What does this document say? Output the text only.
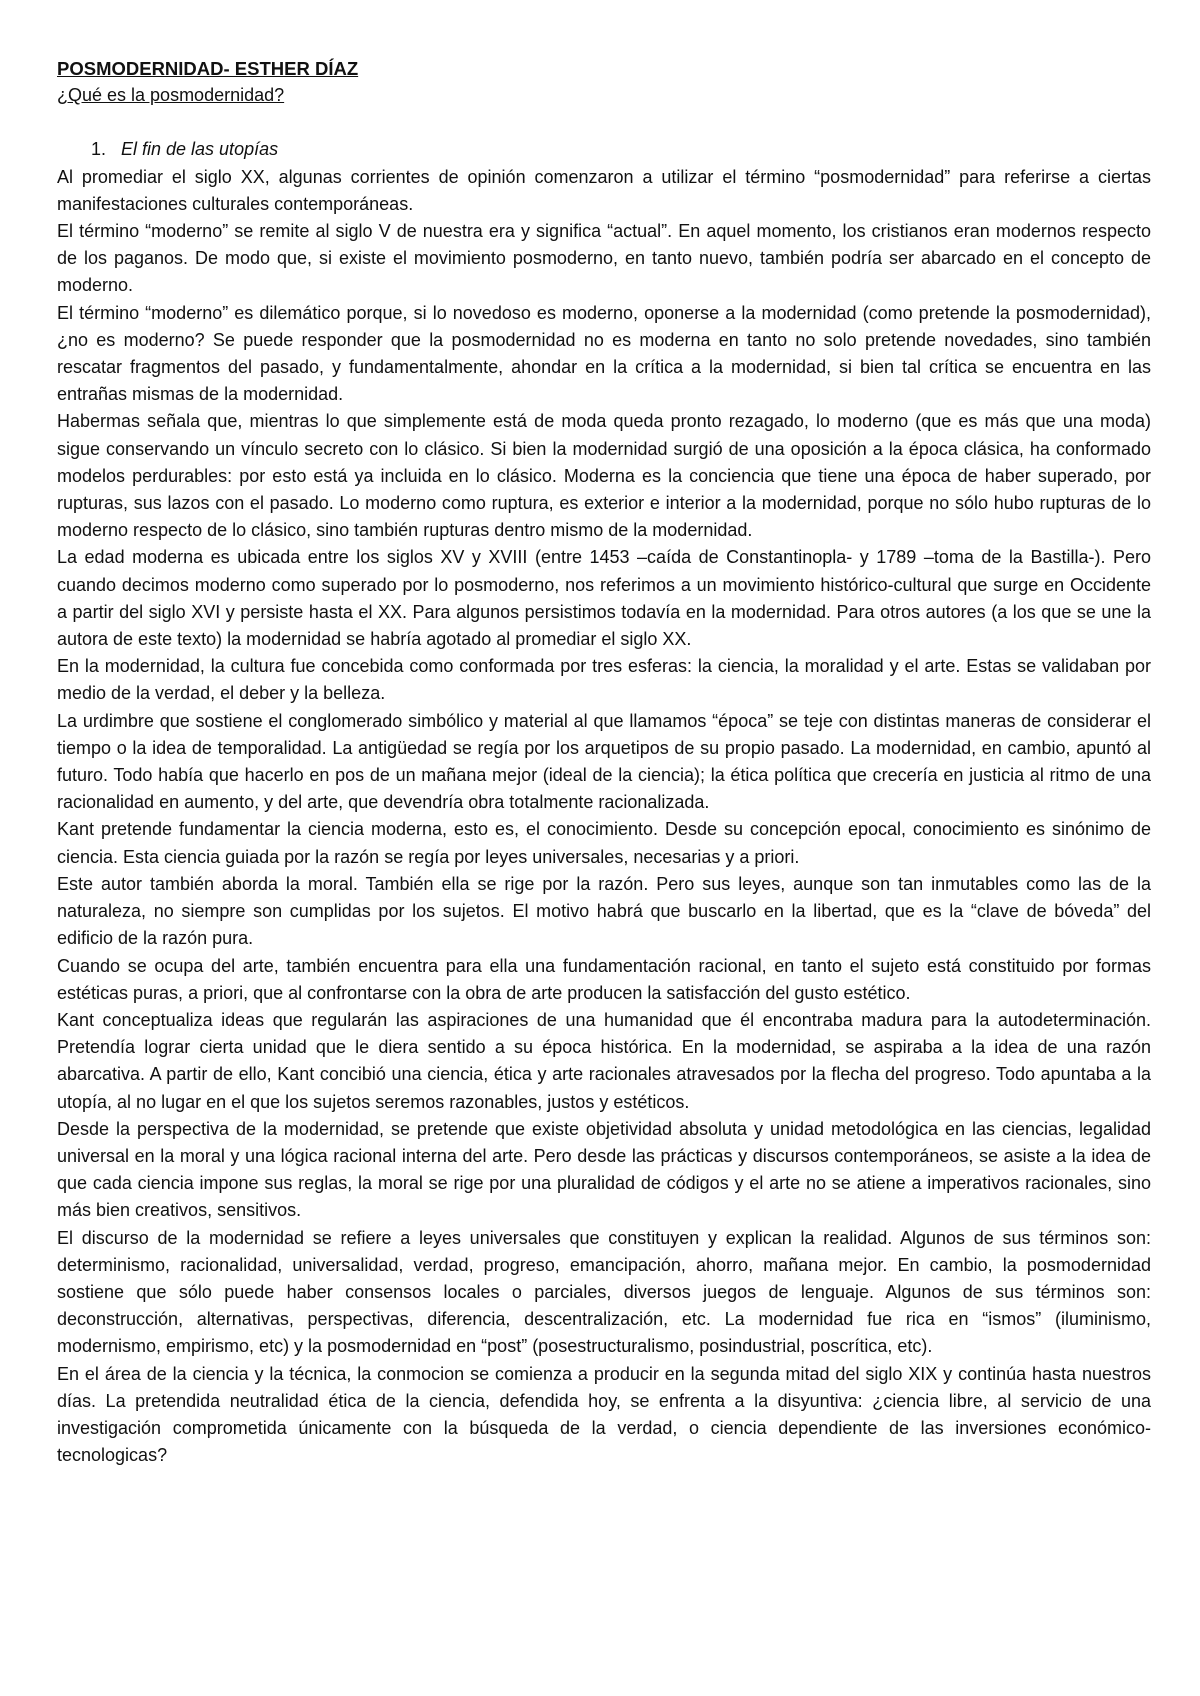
POSMODERNIDAD- ESTHER DÍAZ

¿Qué es la posmodernidad?

1. El fin de las utopías

Al promediar el siglo XX, algunas corrientes de opinión comenzaron a utilizar el término “posmodernidad” para referirse a ciertas manifestaciones culturales contemporáneas.

El término “moderno” se remite al siglo V de nuestra era y significa “actual”. En aquel momento, los cristianos eran modernos respecto de los paganos. De modo que, si existe el movimiento posmoderno, en tanto nuevo, también podría ser abarcado en el concepto de moderno.

El término “moderno” es dilemático porque, si lo novedoso es moderno, oponerse a la modernidad (como pretende la posmodernidad), ¿no es moderno? Se puede responder que la posmodernidad no es moderna en tanto no solo pretende novedades, sino también rescatar fragmentos del pasado, y fundamentalmente, ahondar en la crítica a la modernidad, si bien tal crítica se encuentra en las entrañas mismas de la modernidad.

Habermas señala que, mientras lo que simplemente está de moda queda pronto rezagado, lo moderno (que es más que una moda) sigue conservando un vínculo secreto con lo clásico. Si bien la modernidad surgió de una oposición a la época clásica, ha conformado modelos perdurables: por esto está ya incluida en lo clásico. Moderna es la conciencia que tiene una época de haber superado, por rupturas, sus lazos con el pasado. Lo moderno como ruptura, es exterior e interior a la modernidad, porque no sólo hubo rupturas de lo moderno respecto de lo clásico, sino también rupturas dentro mismo de la modernidad.

La edad moderna es ubicada entre los siglos XV y XVIII (entre 1453 –caída de Constantinopla- y 1789 –toma de la Bastilla-). Pero cuando decimos moderno como superado por lo posmoderno, nos referimos a un movimiento histórico-cultural que surge en Occidente a partir del siglo XVI y persiste hasta el XX. Para algunos persistimos todavía en la modernidad. Para otros autores (a los que se une la autora de este texto) la modernidad se habría agotado al promediar el siglo XX.

En la modernidad, la cultura fue concebida como conformada por tres esferas: la ciencia, la moralidad y el arte. Estas se validaban por medio de la verdad, el deber y la belleza.

La urdimbre que sostiene el conglomerado simbólico y material al que llamamos “época” se teje con distintas maneras de considerar el tiempo o la idea de temporalidad. La antigüedad se regía por los arquetipos de su propio pasado. La modernidad, en cambio, apuntó al futuro. Todo había que hacerlo en pos de un mañana mejor (ideal de la ciencia); la ética política que crecería en justicia al ritmo de una racionalidad en aumento, y del arte, que devendría obra totalmente racionalizada.

Kant pretende fundamentar la ciencia moderna, esto es, el conocimiento. Desde su concepción epocal, conocimiento es sinónimo de ciencia. Esta ciencia guiada por la razón se regía por leyes universales, necesarias y a priori.

Este autor también aborda la moral. También ella se rige por la razón. Pero sus leyes, aunque son tan inmutables como las de la naturaleza, no siempre son cumplidas por los sujetos. El motivo habrá que buscarlo en la libertad, que es la “clave de bóveda” del edificio de la razón pura.

Cuando se ocupa del arte, también encuentra para ella una fundamentación racional, en tanto el sujeto está constituido por formas estéticas puras, a priori, que al confrontarse con la obra de arte producen la satisfacción del gusto estético.

Kant conceptualiza ideas que regularán las aspiraciones de una humanidad que él encontraba madura para la autodeterminación. Pretendía lograr cierta unidad que le diera sentido a su época histórica. En la modernidad, se aspiraba a la idea de una razón abarcativa. A partir de ello, Kant concibió una ciencia, ética y arte racionales atravesados por la flecha del progreso. Todo apuntaba a la utopía, al no lugar en el que los sujetos seremos razonables, justos y estéticos.

Desde la perspectiva de la modernidad, se pretende que existe objetividad absoluta y unidad metodológica en las ciencias, legalidad universal en la moral y una lógica racional interna del arte. Pero desde las prácticas y discursos contemporáneos, se asiste a la idea de que cada ciencia impone sus reglas, la moral se rige por una pluralidad de códigos y el arte no se atiene a imperativos racionales, sino más bien creativos, sensitivos.

El discurso de la modernidad se refiere a leyes universales que constituyen y explican la realidad. Algunos de sus términos son: determinismo, racionalidad, universalidad, verdad, progreso, emancipación, ahorro, mañana mejor. En cambio, la posmodernidad sostiene que sólo puede haber consensos locales o parciales, diversos juegos de lenguaje. Algunos de sus términos son: deconstrucción, alternativas, perspectivas, diferencia, descentralización, etc. La modernidad fue rica en “ismos” (iluminismo, modernismo, empirismo, etc) y la posmodernidad en “post” (posestructuralismo, posindustrial, poscrítica, etc).

En el área de la ciencia y la técnica, la conmocion se comienza a producir en la segunda mitad del siglo XIX y continúa hasta nuestros días. La pretendida neutralidad ética de la ciencia, defendida hoy, se enfrenta a la disyuntiva: ¿ciencia libre, al servicio de una investigación comprometida únicamente con la búsqueda de la verdad, o ciencia dependiente de las inversiones económico-tecnologicas?
